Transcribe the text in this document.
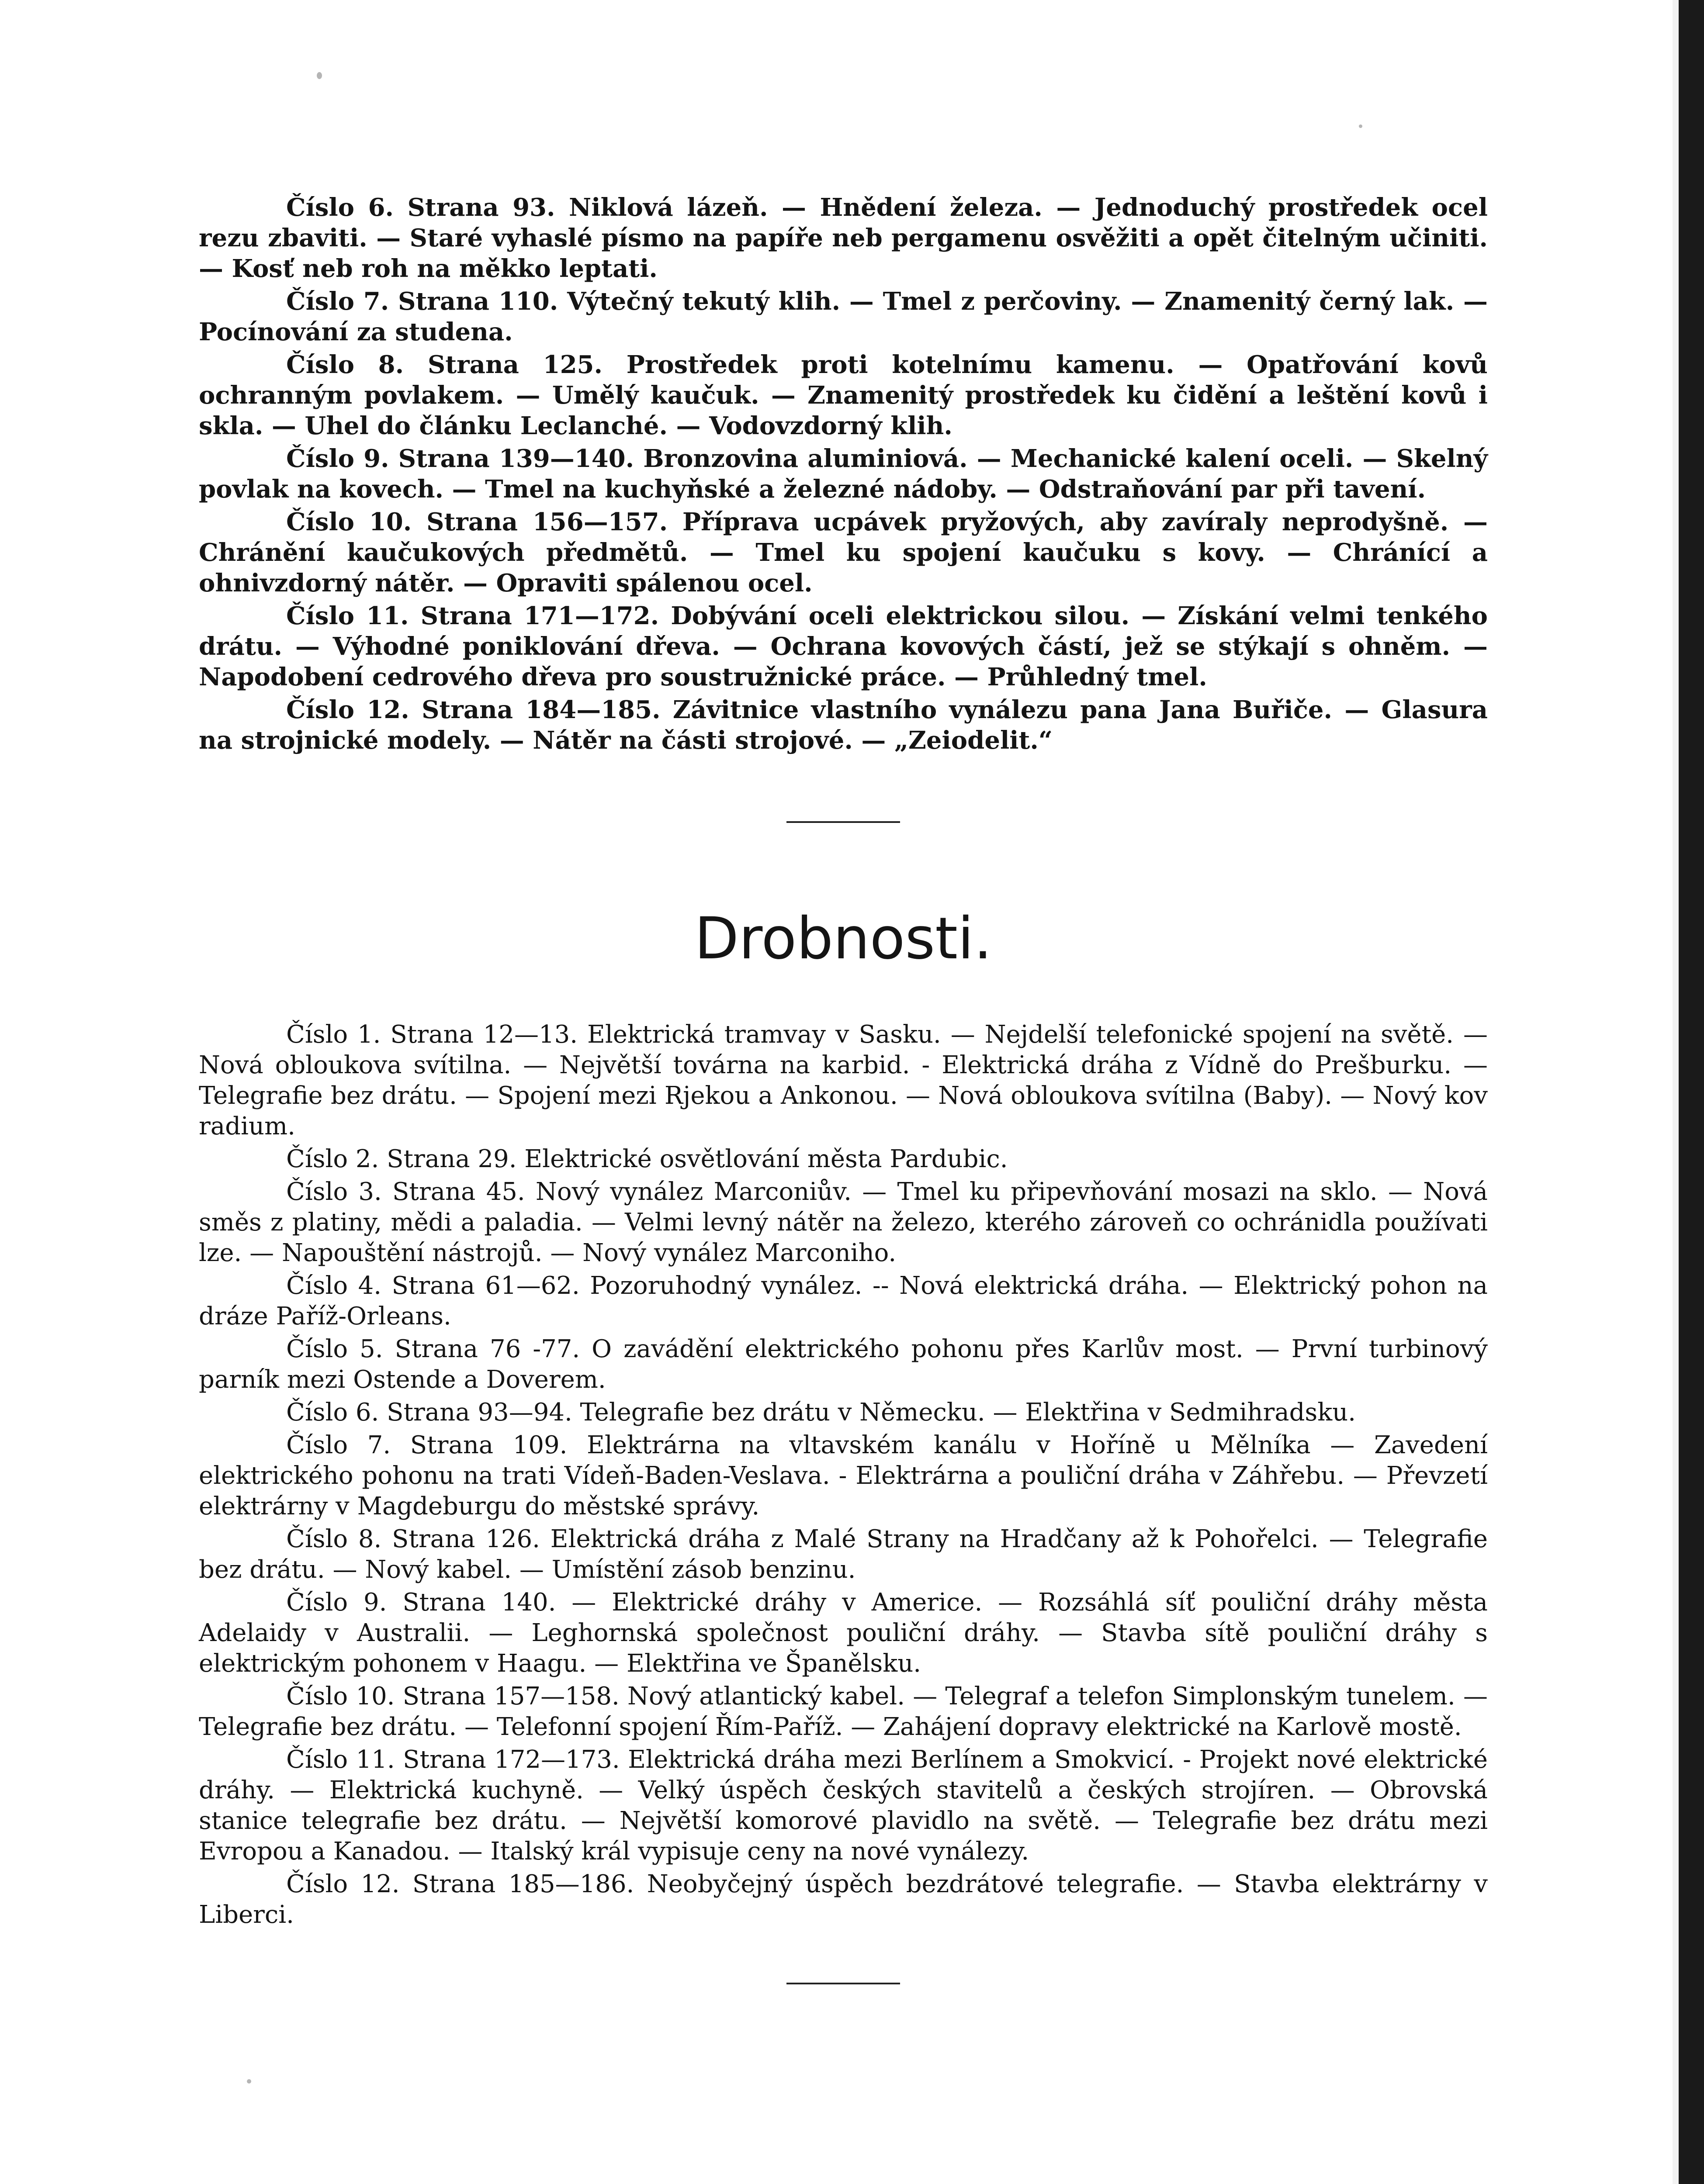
Číslo 6. Strana 93. Niklová lázeň. — Hnědení železa. — Jednoduchý prostředek ocel rezu zbaviti. — Staré vyhaslé písmo na papíře neb pergamenu osvěžiti a opět čitelným učiniti. — Kosť neb roh na měkko leptati.

Číslo 7. Strana 110. Výtečný tekutý klih. — Tmel z perčoviny. — Znamenitý černý lak. — Pocínování za studena.

Číslo 8. Strana 125. Prostředek proti kotelnímu kamenu. — Opatřování kovů ochranným povlakem. — Umělý kaučuk. — Znamenitý prostředek ku čidění a leštění kovů i skla. — Uhel do článku Leclanché. — Vodovzdorný klih.

Číslo 9. Strana 139—140. Bronzovina aluminiová. — Mechanické kalení oceli. — Skelný povlak na kovech. — Tmel na kuchyňské a železné nádoby. — Odstraňování par při tavení.

Číslo 10. Strana 156—157. Příprava ucpávek pryžových, aby zavíraly neprodyšně. — Chránění kaučukových předmětů. — Tmel ku spojení kaučuku s kovy. — Chránící a ohnivzdorný nátěr. — Opraviti spálenou ocel.

Číslo 11. Strana 171—172. Dobývání oceli elektrickou silou. — Získání velmi tenkého drátu. — Výhodné poniklování dřeva. — Ochrana kovových částí, jež se stýkají s ohněm. — Napodobení cedrového dřeva pro soustružnické práce. — Průhledný tmel.

Číslo 12. Strana 184—185. Závitnice vlastního vynálezu pana Jana Buřiče. — Glasura na strojnické modely. — Nátěr na části strojové. — „Zeiodelit.“

Drobnosti.

Číslo 1. Strana 12—13. Elektrická tramvay v Sasku. — Nejdelší telefonické spojení na světě. — Nová obloukova svítilna. — Největší továrna na karbid. - Elektrická dráha z Vídně do Prešburku. — Telegrafie bez drátu. — Spojení mezi Rjekou a Ankonou. — Nová obloukova svítilna (Baby). — Nový kov radium.

Číslo 2. Strana 29. Elektrické osvětlování města Pardubic.

Číslo 3. Strana 45. Nový vynález Marconiův. — Tmel ku připevňování mosazi na sklo. — Nová směs z platiny, mědi a paladia. — Velmi levný nátěr na železo, kterého zároveň co ochránidla používati lze. — Napouštění nástrojů. — Nový vynález Marconiho.

Číslo 4. Strana 61—62. Pozoruhodný vynález. -- Nová elektrická dráha. — Elektrický pohon na dráze Paříž-Orleans.

Číslo 5. Strana 76 -77. O zavádění elektrického pohonu přes Karlův most. — První turbinový parník mezi Ostende a Doverem.

Číslo 6. Strana 93—94. Telegrafie bez drátu v Německu. — Elektřina v Sedmihradsku.

Číslo 7. Strana 109. Elektrárna na vltavském kanálu v Hoříně u Mělníka — Zavedení elektrického pohonu na trati Vídeň-Baden-Veslava. - Elektrárna a pouliční dráha v Záhřebu. — Převzetí elektrárny v Magdeburgu do městské správy.

Číslo 8. Strana 126. Elektrická dráha z Malé Strany na Hradčany až k Pohořelci. — Telegrafie bez drátu. — Nový kabel. — Umístění zásob benzinu.

Číslo 9. Strana 140. — Elektrické dráhy v Americe. — Rozsáhlá síť pouliční dráhy města Adelaidy v Australii. — Leghornská společnost pouliční dráhy. — Stavba sítě pouliční dráhy s elektrickým pohonem v Haagu. — Elektřina ve Španělsku.

Číslo 10. Strana 157—158. Nový atlantický kabel. — Telegraf a telefon Simplonským tunelem. — Telegrafie bez drátu. — Telefonní spojení Řím-Paříž. — Zahájení dopravy elektrické na Karlově mostě.

Číslo 11. Strana 172—173. Elektrická dráha mezi Berlínem a Smokvicí. - Projekt nové elektrické dráhy. — Elektrická kuchyně. — Velký úspěch českých stavitelů a českých strojíren. — Obrovská stanice telegrafie bez drátu. — Největší komorové plavidlo na světě. — Telegrafie bez drátu mezi Evropou a Kanadou. — Italský král vypisuje ceny na nové vynálezy.

Číslo 12. Strana 185—186. Neobyčejný úspěch bezdrátové telegrafie. — Stavba elektrárny v Liberci.
